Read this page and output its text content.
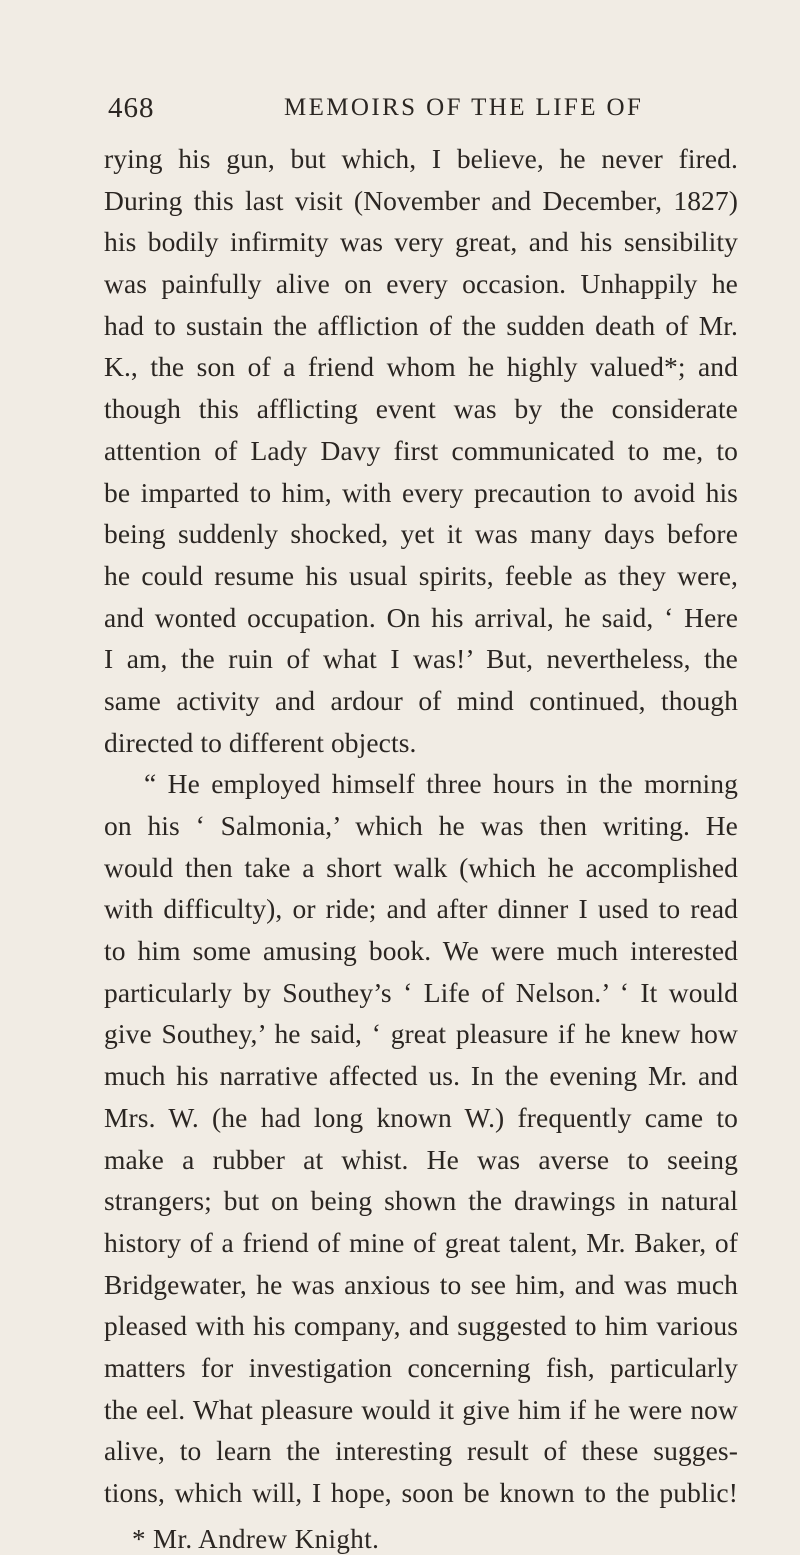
468	MEMOIRS OF THE LIFE OF
rying his gun, but which, I believe, he never fired.
During this last visit (November and December, 1827)
his bodily infirmity was very great, and his sensibility
was painfully alive on every occasion. Unhappily he
had to sustain the affliction of the sudden death of Mr.
K., the son of a friend whom he highly valued*; and
though this afflicting event was by the considerate
attention of Lady Davy first communicated to me, to
be imparted to him, with every precaution to avoid his
being suddenly shocked, yet it was many days before
he could resume his usual spirits, feeble as they were,
and wonted occupation. On his arrival, he said, ‘ Here
I am, the ruin of what I was!’ But, nevertheless, the
same activity and ardour of mind continued, though
directed to different objects.
“ He employed himself three hours in the morning
on his ‘ Salmonia,’ which he was then writing. He
would then take a short walk (which he accomplished
with difficulty), or ride; and after dinner I used to read
to him some amusing book. We were much interested
particularly by Southey’s ‘ Life of Nelson.’ ‘ It would
give Southey,’ he said, ‘ great pleasure if he knew how
much his narrative affected us. In the evening Mr. and
Mrs. W. (he had long known W.) frequently came to
make a rubber at whist. He was averse to seeing
strangers; but on being shown the drawings in natural
history of a friend of mine of great talent, Mr. Baker, of
Bridgewater, he was anxious to see him, and was much
pleased with his company, and suggested to him various
matters for investigation concerning fish, particularly
the eel. What pleasure would it give him if he were now
alive, to learn the interesting result of these sugges-
tions, which will, I hope, soon be known to the public!
* Mr. Andrew Knight.
